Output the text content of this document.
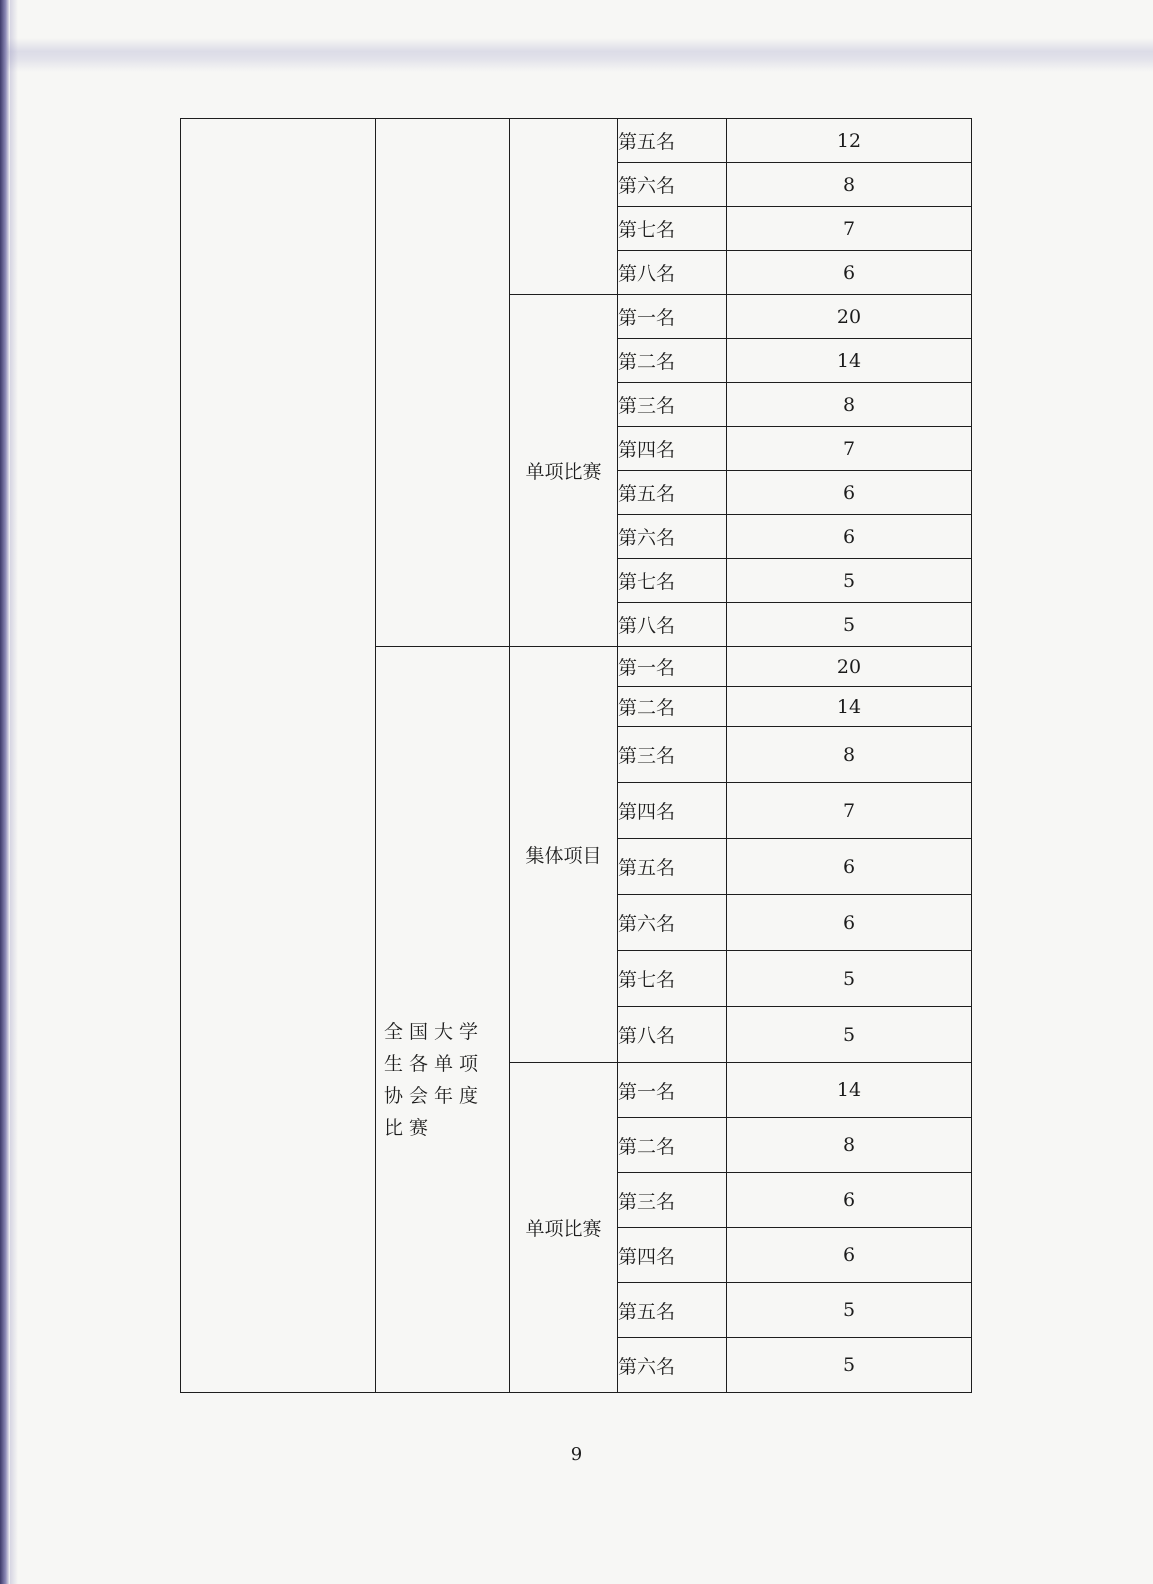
			第五名	12
			第六名	8
			第七名	7
			第八名	6
		单项比赛	第一名	20
			第二名	14
			第三名	8
			第四名	7
			第五名	6
			第六名	6
			第七名	5
			第八名	5

	全国大学生各单项协会年度比赛	集体项目	第一名	20
			第二名	14
			第三名	8
			第四名	7
			第五名	6
			第六名	6
			第七名	5
			第八名	5
		单项比赛	第一名	14
			第二名	8
			第三名	6
			第四名	6
			第五名	5
			第六名	5
9
